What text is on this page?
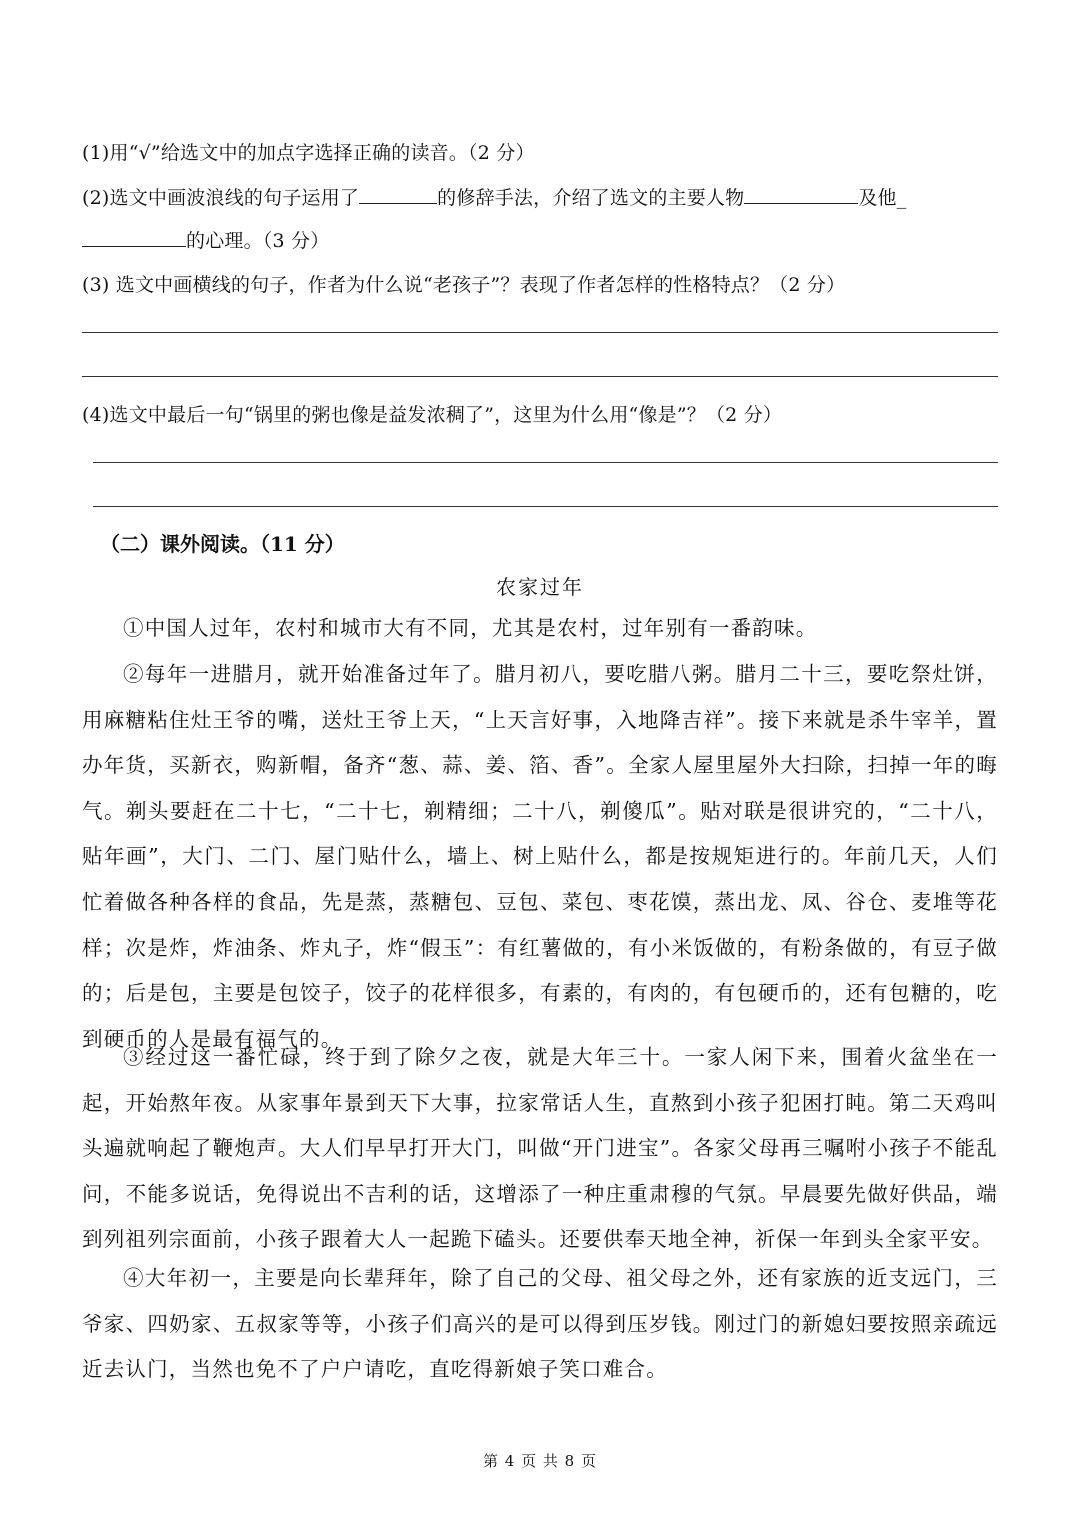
(1)用“√”给选文中的加点字选择正确的读音。（2 分）
(2)选文中画波浪线的句子运用了	的修辞手法，介绍了选文的主要人物	及他_
的心理。（3 分）
(3) 选文中画横线的句子，作者为什么说“老孩子”？表现了作者怎样的性格特点？（2 分）
(4)选文中最后一句“锅里的粥也像是益发浓稠了”，这里为什么用“像是”？（2 分）
（二）课外阅读。（11 分）
农家过年
①中国人过年，农村和城市大有不同，尤其是农村，过年别有一番韵味。
②每年一进腊月，就开始准备过年了。腊月初八，要吃腊八粥。腊月二十三，要吃祭灶饼，用麻糖粘住灶王爷的嘴，送灶王爷上天，“上天言好事，入地降吉祥”。接下来就是杀牛宰羊，置办年货，买新衣，购新帽，备齐“葱、蒜、姜、箔、香”。全家人屋里屋外大扫除，扫掉一年的晦气。剃头要赶在二十七，“二十七，剃精细；二十八，剃傻瓜”。贴对联是很讲究的，“二十八，贴年画”，大门、二门、屋门贴什么，墙上、树上贴什么，都是按规矩进行的。年前几天，人们忙着做各种各样的食品，先是蒸，蒸糖包、豆包、菜包、枣花馍，蒸出龙、凤、谷仓、麦堆等花样；次是炸，炸油条、炸丸子，炸“假玉”：有红薯做的，有小米饭做的，有粉条做的，有豆子做的；后是包，主要是包饺子，饺子的花样很多，有素的，有肉的，有包硬币的，还有包糖的，吃到硬币的人是最有福气的。
③经过这一番忙碌，终于到了除夕之夜，就是大年三十。一家人闲下来，围着火盆坐在一起，开始熬年夜。从家事年景到天下大事，拉家常话人生，直熬到小孩子犯困打盹。第二天鸡叫头遍就响起了鞭炮声。大人们早早打开大门，叫做“开门进宝”。各家父母再三嘱咐小孩子不能乱问，不能多说话，免得说出不吉利的话，这增添了一种庄重肃穆的气氛。早晨要先做好供品，端到列祖列宗面前，小孩子跟着大人一起跪下磕头。还要供奉天地全神，祈保一年到头全家平安。
④大年初一，主要是向长辈拜年，除了自己的父母、祖父母之外，还有家族的近支远门，三爷家、四奶家、五叔家等等，小孩子们高兴的是可以得到压岁钱。刚过门的新媳妇要按照亲疏远近去认门，当然也免不了户户请吃，直吃得新娘子笑口难合。
第 4 页 共 8 页
